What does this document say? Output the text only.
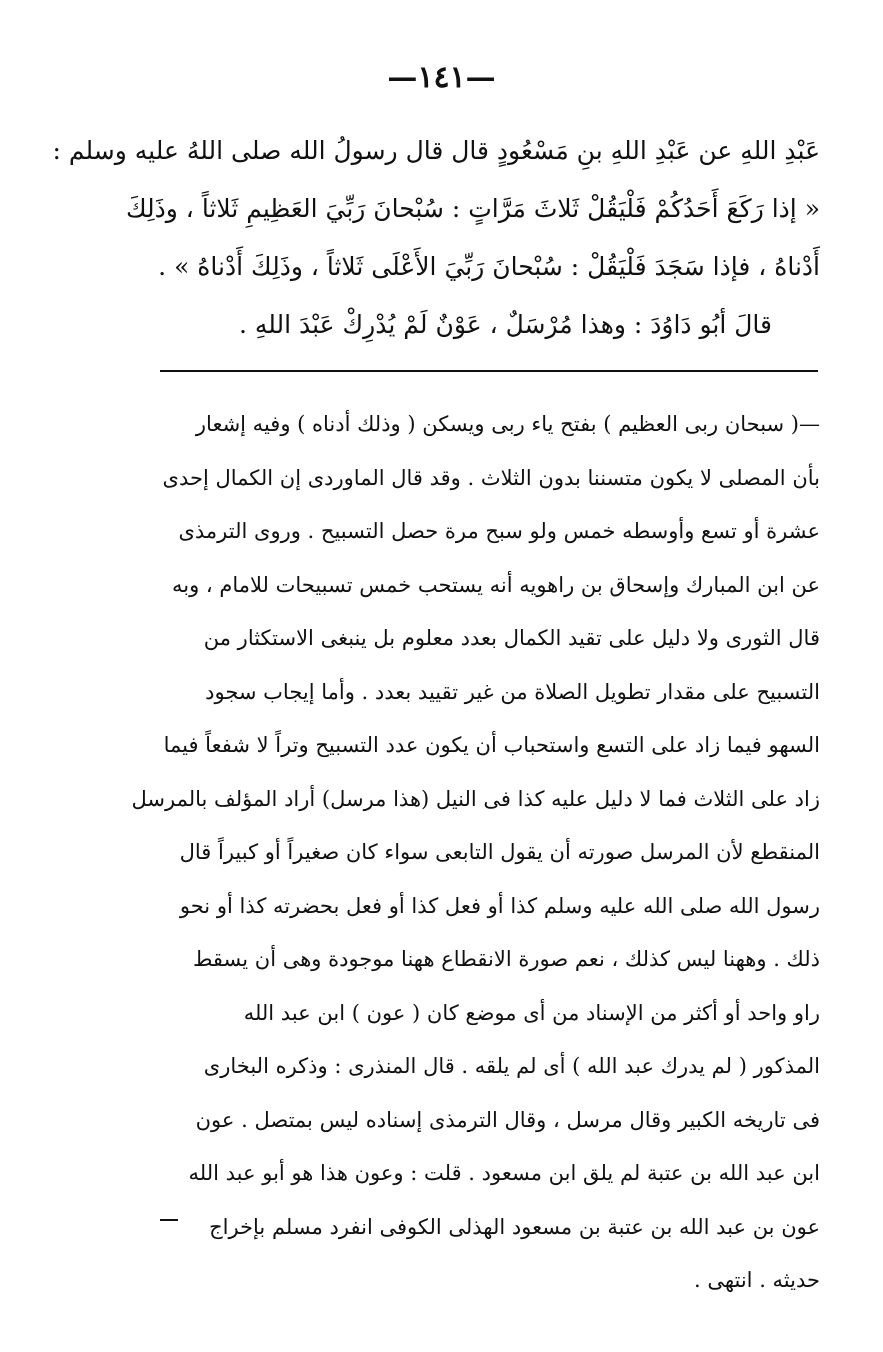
—١٤١—
عَبْدِ اللهِ عن عَبْدِ اللهِ بنِ مَسْعُودٍ قال قال رسولُ الله صلى اللهُ عليه وسلم :
« إذا رَكَعَ أَحَدُكُمْ فَلْيَقُلْ ثَلاثَ مَرَّاتٍ : سُبْحانَ رَبِّيَ العَظِيمِ ثَلاثاً ، وذَلِكَ
أَدْناهُ ، فإذا سَجَدَ فَلْيَقُلْ : سُبْحانَ رَبِّيَ الأَعْلَى ثَلاثاً ، وذَلِكَ أَدْناهُ » .
قالَ أبُو دَاوُدَ : وهذا مُرْسَلٌ ، عَوْنٌ لَمْ يُدْرِكْ عَبْدَ اللهِ .
—( سبحان ربى العظيم ) بفتح ياء ربى ويسكن ( وذلك أدناه ) وفيه إشعار
بأن المصلى لا يكون متسننا بدون الثلاث . وقد قال الماوردى إن الكمال إحدى
عشرة أو تسع وأوسطه خمس ولو سبح مرة حصل التسبيح . وروى الترمذى
عن ابن المبارك وإسحاق بن راهويه أنه يستحب خمس تسبيحات للامام ، وبه
قال الثورى ولا دليل على تقيد الكمال بعدد معلوم بل ينبغى الاستكثار من
التسبيح على مقدار تطويل الصلاة من غير تقييد بعدد . وأما إيجاب سجود
السهو فيما زاد على التسع واستحباب أن يكون عدد التسبيح وتراً لا شفعاً فيما
زاد على الثلاث فما لا دليل عليه كذا فى النيل (هذا مرسل) أراد المؤلف بالمرسل
المنقطع لأن المرسل صورته أن يقول التابعى سواء كان صغيراً أو كبيراً قال
رسول الله صلى الله عليه وسلم كذا أو فعل كذا أو فعل بحضرته كذا أو نحو
ذلك . وههنا ليس كذلك ، نعم صورة الانقطاع ههنا موجودة وهى أن يسقط
راو واحد أو أكثر من الإسناد من أى موضع كان ( عون ) ابن عبد الله
المذكور ( لم يدرك عبد الله ) أى لم يلقه . قال المنذرى : وذكره البخارى
فى تاريخه الكبير وقال مرسل ، وقال الترمذى إسناده ليس بمتصل . عون
ابن عبد الله بن عتبة لم يلق ابن مسعود . قلت : وعون هذا هو أبو عبد الله
عون بن عبد الله بن عتبة بن مسعود الهذلى الكوفى انفرد مسلم بإخراج
حديثه . انتهى .
